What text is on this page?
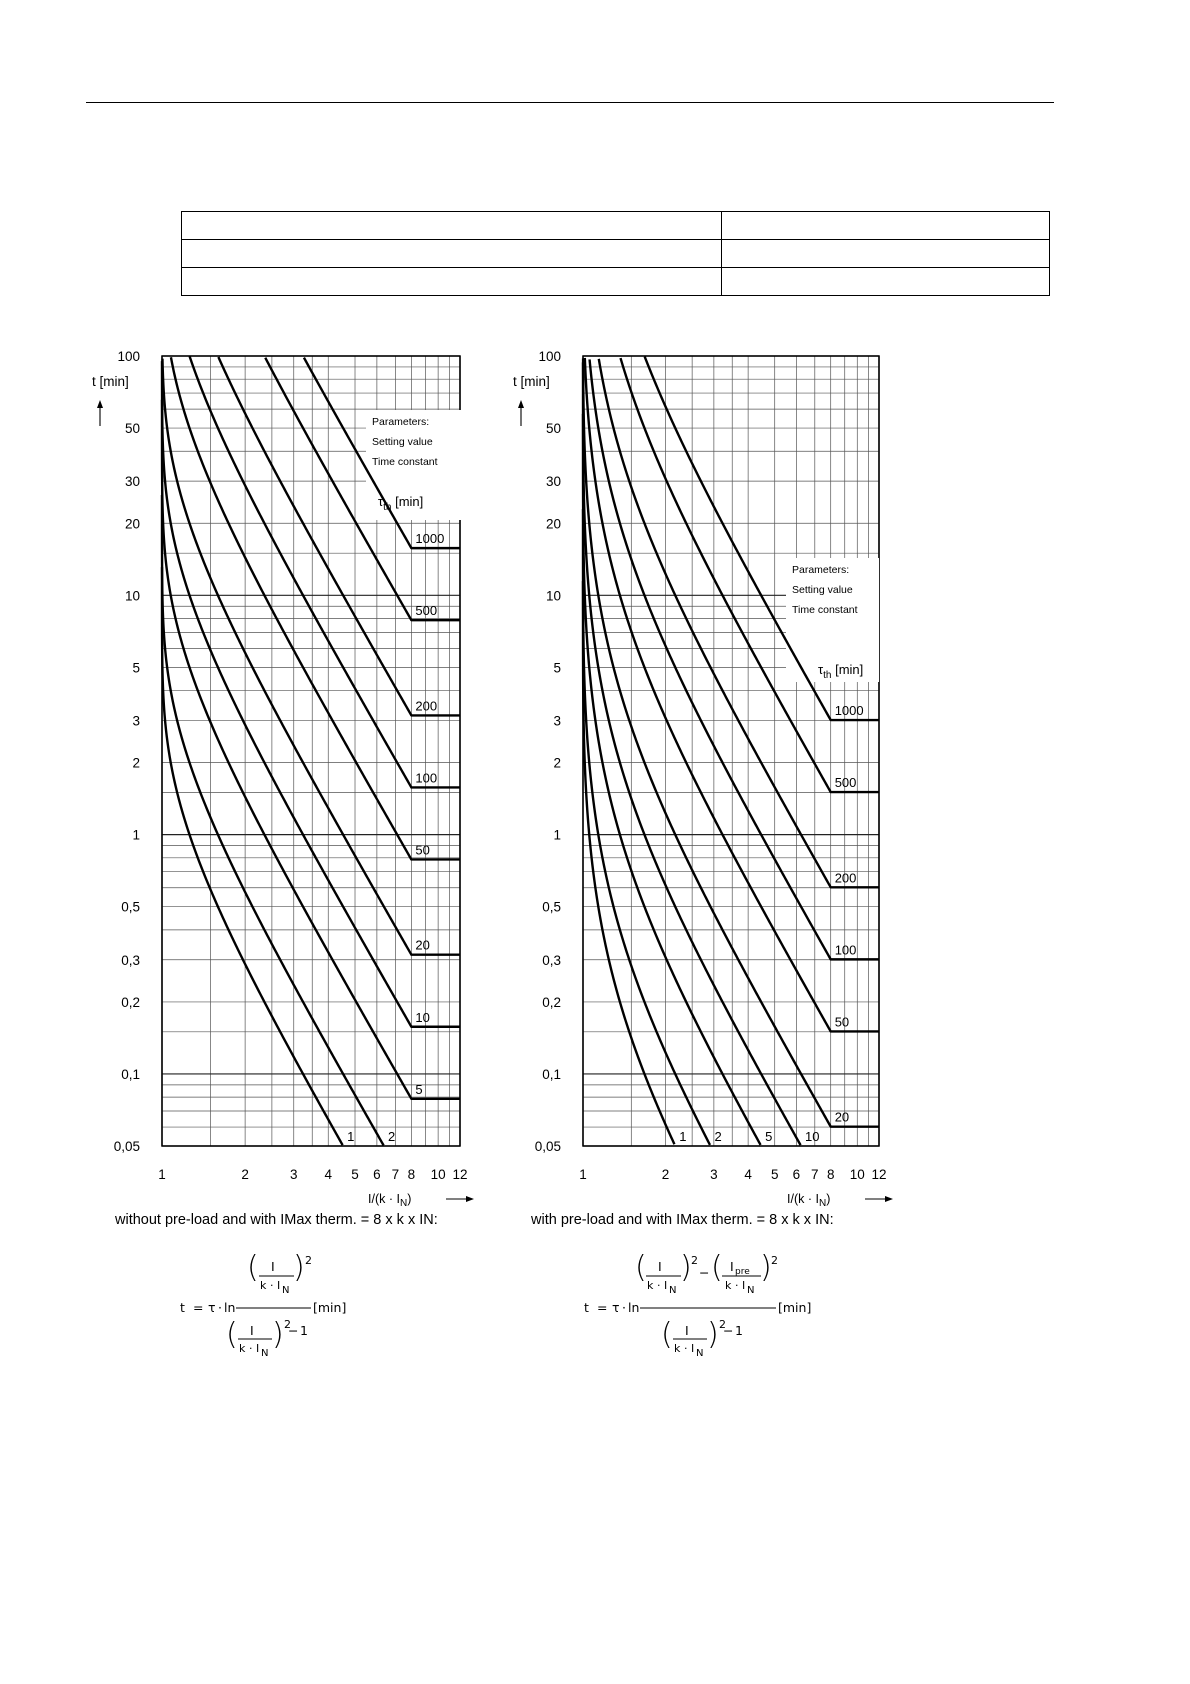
100
50
30
20
10
5
3
2
1
0,5
0,3
0,2
0,1
0,05
1	2	3 4 5 6 7 8 10 12
t [min]
$I/(k \cdot I_N)$
Parameters:
Setting value
Time constant
$\tau_{th}$ [min]
1	2
5
10
20
50
100
200
500
1000
100
50
30
20
10
5
3
2
1
0,5
0,3
0,2
0,1
0,05
1	2	3 4 5 6 7 8 10 12
t [min]
$I/(k \cdot I_N)$
Parameters:
Setting value
Time constant
$\tau_{th}$ [min]
1 2	5	10
20
50
100
200
500
1000
without pre-load and with IMax therm. = 8 x k x IN:	with pre-load and with IMax therm. = 8 x k x IN:
t = τ · ln
( I
k · I N
) 2
( I
k · I N
) 2
− 1
[min]	t = τ · ln
( I
k · I N
) 2
− ( I pre
k · I N
) 2
( I
k · I N
) 2
− 1
[min]
